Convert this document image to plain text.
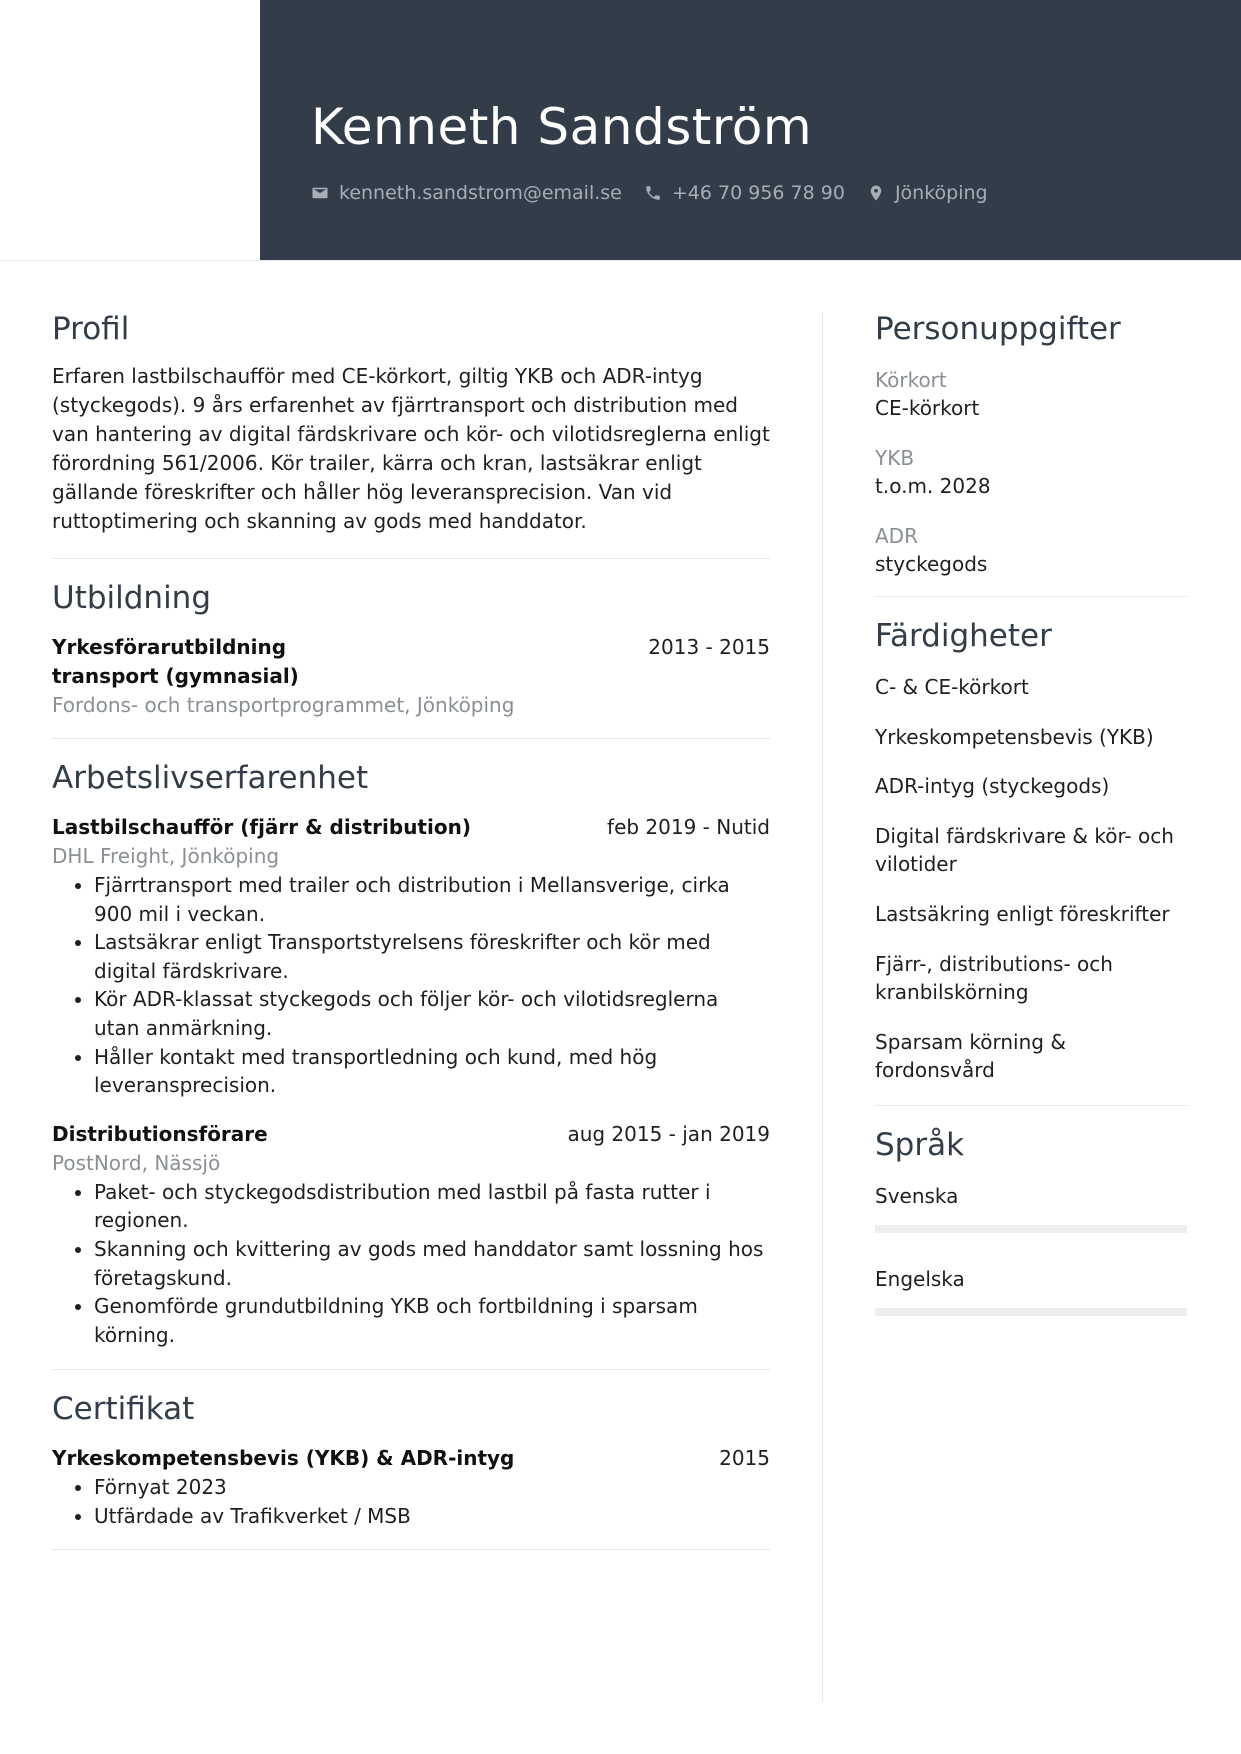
Kenneth Sandström
kenneth.sandstrom@email.se	+46 70 956 78 90	Jönköping
Profil

Erfaren lastbilschaufför med CE-körkort, giltig YKB och ADR-intyg (styckegods). 9 års erfarenhet av fjärrtransport och distribution med van hantering av digital färdskrivare och kör- och vilotidsreglerna enligt förordning 561/2006. Kör trailer, kärra och kran, lastsäkrar enligt gällande föreskrifter och håller hög leveransprecision. Van vid ruttoptimering och skanning av gods med handdator.

Utbildning
Yrkesförarutbildning transport (gymnasial)
2013 - 2015
Fordons- och transportprogrammet, Jönköping
Arbetslivserfarenhet
Lastbilschaufför (fjärr & distribution)	feb 2019 - Nutid
DHL Freight, Jönköping
• Fjärrtransport med trailer och distribution i Mellansverige, cirka 900 mil i veckan.
• Lastsäkrar enligt Transportstyrelsens föreskrifter och kör med digital färdskrivare.
• Kör ADR-klassat styckegods och följer kör- och vilotidsreglerna utan anmärkning.
• Håller kontakt med transportledning och kund, med hög leveransprecision.
Distributionsförare	aug 2015 - jan 2019
PostNord, Nässjö
• Paket- och styckegodsdistribution med lastbil på fasta rutter i regionen.
• Skanning och kvittering av gods med handdator samt lossning hos företagskund.
• Genomförde grundutbildning YKB och fortbildning i sparsam körning.
Certifikat
Yrkeskompetensbevis (YKB) & ADR-intyg	2015
• Förnyat 2023
• Utfärdade av Trafikverket / MSB
Personuppgifter
Körkort
CE-körkort
YKB
t.o.m. 2028
ADR
styckegods
Färdigheter
C- & CE-körkort
Yrkeskompetensbevis (YKB)
ADR-intyg (styckegods)
Digital färdskrivare & kör- och vilotider
Lastsäkring enligt föreskrifter
Fjärr-, distributions- och kranbilskörning
Sparsam körning & fordonsvård
Språk
Svenska
Engelska
